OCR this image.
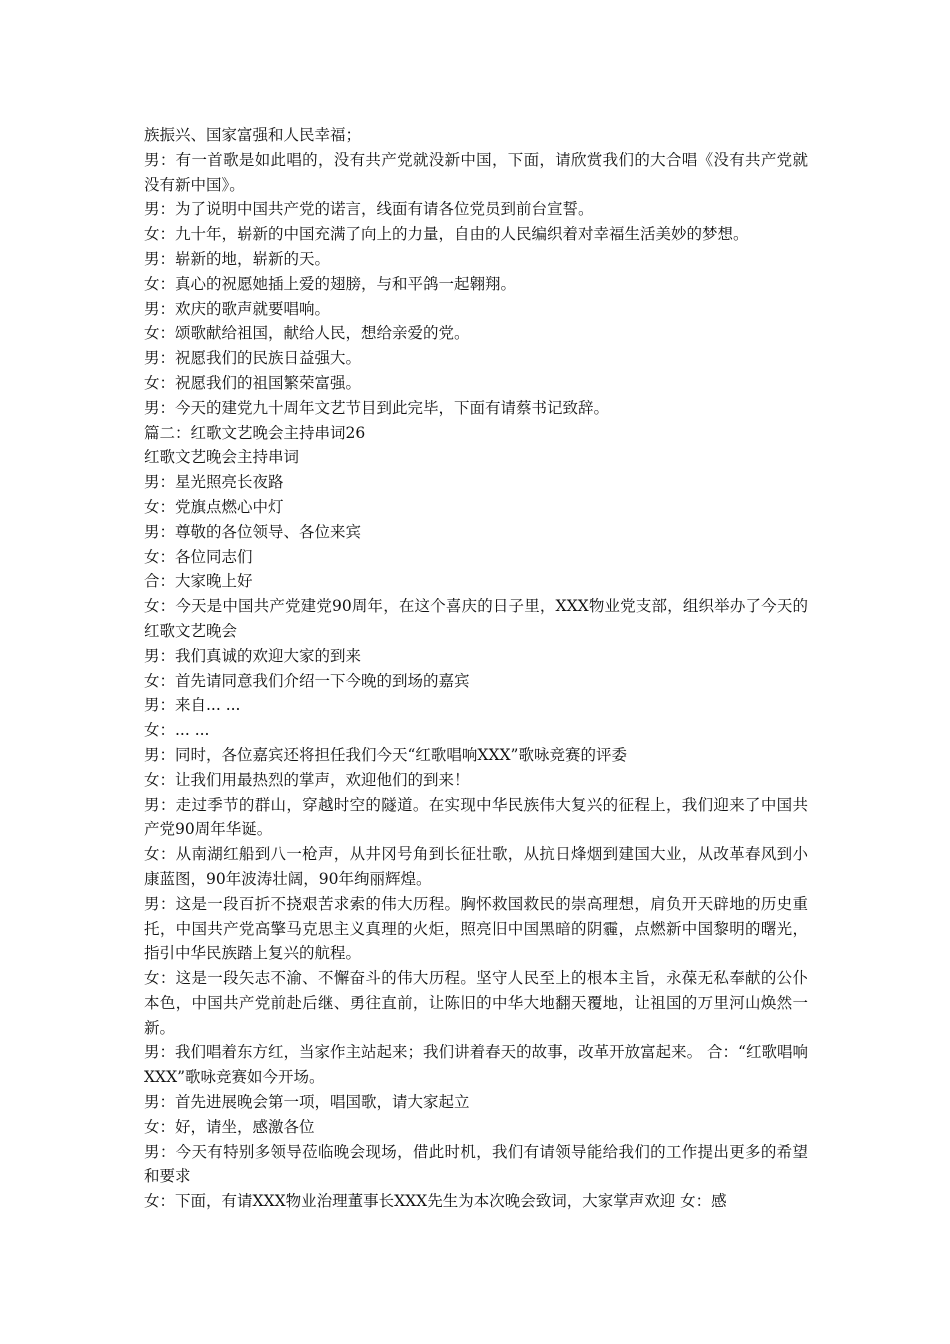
族振兴、国家富强和人民幸福；

男：有一首歌是如此唱的，没有共产党就没新中国，下面，请欣赏我们的大合唱《没有共产党就没有新中国》。

男：为了说明中国共产党的诺言，线面有请各位党员到前台宣誓。

女：九十年，崭新的中国充满了向上的力量，自由的人民编织着对幸福生活美妙的梦想。

男：崭新的地，崭新的天。

女：真心的祝愿她插上爱的翅膀，与和平鸽一起翱翔。

男：欢庆的歌声就要唱响。

女：颂歌献给祖国，献给人民，想给亲爱的党。

男：祝愿我们的民族日益强大。

女：祝愿我们的祖国繁荣富强。

男：今天的建党九十周年文艺节目到此完毕，下面有请蔡书记致辞。

篇二：红歌文艺晚会主持串词26

红歌文艺晚会主持串词

男：星光照亮长夜路

女：党旗点燃心中灯

男：尊敬的各位领导、各位来宾

女：各位同志们

合：大家晚上好

女：今天是中国共产党建党90周年，在这个喜庆的日子里，XXX物业党支部，组织举办了今天的红歌文艺晚会

男：我们真诚的欢迎大家的到来

女：首先请同意我们介绍一下今晚的到场的嘉宾

男：来自... ...

女：... ...

男：同时，各位嘉宾还将担任我们今天“红歌唱响XXX”歌咏竞赛的评委

女：让我们用最热烈的掌声，欢迎他们的到来！

男：走过季节的群山，穿越时空的隧道。在实现中华民族伟大复兴的征程上，我们迎来了中国共产党90周年华诞。

女：从南湖红船到八一枪声，从井冈号角到长征壮歌，从抗日烽烟到建国大业，从改革春风到小康蓝图，90年波涛壮阔，90年绚丽辉煌。

男：这是一段百折不挠艰苦求索的伟大历程。胸怀救国救民的崇高理想，肩负开天辟地的历史重托，中国共产党高擎马克思主义真理的火炬，照亮旧中国黑暗的阴霾，点燃新中国黎明的曙光，指引中华民族踏上复兴的航程。

女：这是一段矢志不渝、不懈奋斗的伟大历程。坚守人民至上的根本主旨，永葆无私奉献的公仆本色，中国共产党前赴后继、勇往直前，让陈旧的中华大地翻天覆地，让祖国的万里河山焕然一新。

男：我们唱着东方红，当家作主站起来；我们讲着春天的故事，改革开放富起来。 合：“红歌唱响XXX”歌咏竞赛如今开场。

男：首先进展晚会第一项，唱国歌，请大家起立

女：好，请坐，感激各位

男：今天有特别多领导莅临晚会现场，借此时机，我们有请领导能给我们的工作提出更多的希望和要求

女：下面，有请XXX物业治理董事长XXX先生为本次晚会致词，大家掌声欢迎 女：感
